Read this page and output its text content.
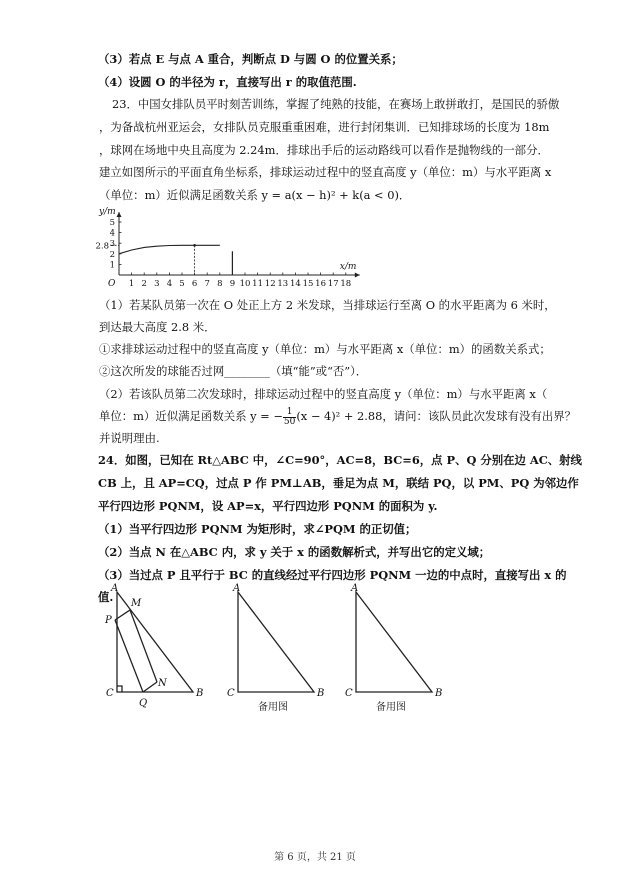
（3）若点 E 与点 A 重合，判断点 D 与圆 O 的位置关系；
（4）设圆 O 的半径为 r，直接写出 r 的取值范围.
23．中国女排队员平时刻苦训练，掌握了纯熟的技能，在赛场上敢拼敢打，是国民的骄傲
，为备战杭州亚运会，女排队员克服重重困难，进行封闭集训．已知排球场的长度为 18m
，球网在场地中央且高度为 2.24m．排球出手后的运动路线可以看作是抛物线的一部分．
建立如图所示的平面直角坐标系，排球运动过程中的竖直高度 y（单位：m）与水平距离 x
（单位：m）近似满足函数关系 y = a(x − h)² + k(a < 0)．
y/m
x/m
O 1 2 3 4 5 6 7 8 9 10 11 12 13 14 15 16 17 18
1
2
3
4
5
2.8
（1）若某队员第一次在 O 处正上方 2 米发球，当排球运行至离 O 的水平距离为 6 米时，
到达最大高度 2.8 米．
①求排球运动过程中的竖直高度 y（单位：m）与水平距离 x（单位：m）的函数关系式；
②这次所发的球能否过网________（填“能”或“否”）．
（2）若该队员第二次发球时，排球运动过程中的竖直高度 y（单位：m）与水平距离 x（
单位：m）近似满足函数关系 y = − $\frac{1}{50} (x - 4)^2 + 2.88$，请问：该队员此次发球有没有出界？
并说明理由.
24．如图，已知在 Rt△ABC 中，∠C=90°，AC=8，BC=6，点 P、Q 分别在边 AC、射线
CB 上，且 AP=CQ，过点 P 作 PM⊥AB，垂足为点 M，联结 PQ，以 PM、PQ 为邻边作
平行四边形 PQNM，设 AP=x，平行四边形 PQNM 的面积为 y.
（1）当平行四边形 PQNM 为矩形时，求∠PQM 的正切值；
（2）当点 N 在△ABC 内，求 y 关于 x 的函数解析式，并写出它的定义域；
（3）当过点 P 且平行于 BC 的直线经过平行四边形 PQNM 一边的中点时，直接写出 x 的
值.
A
P
M
N
C
Q
B
A
C	B
备用图
A
C	B
备用图
第 6 页，共 21 页
